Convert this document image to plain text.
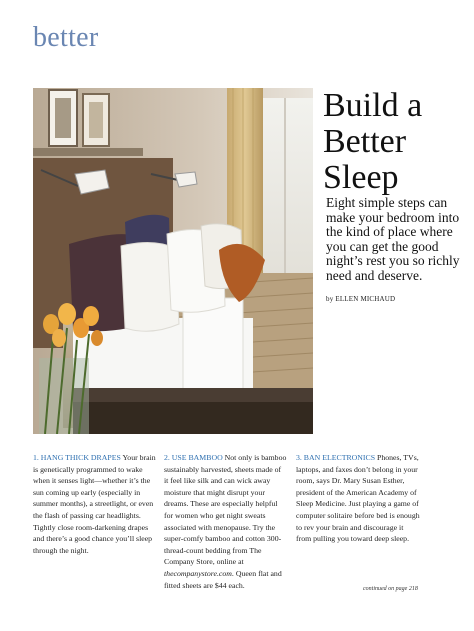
better
Build a
Better
Sleep
Eight simple steps can make your bedroom into the kind of place where you can get the good night’s rest you so richly need and deserve.
by ELLEN MICHAUD
1. HANG THICK DRAPES Your brain is genetically programmed to wake when it senses light—whether it’s the sun coming up early (especially in summer months), a streetlight, or even the flash of passing car headlights. Tightly close room-darkening drapes and there’s a good chance you’ll sleep through the night.
2. USE BAMBOO Not only is bamboo sustainably harvested, sheets made of it feel like silk and can wick away moisture that might disrupt your dreams. These are especially helpful for women who get night sweats associated with menopause. Try the super-comfy bamboo and cotton 300-thread-count bedding from The Company Store, online at thecompanystore.com. Queen flat and fitted sheets are $44 each.
3. BAN ELECTRONICS Phones, TVs, laptops, and faxes don’t belong in your room, says Dr. Mary Susan Esther, president of the American Academy of Sleep Medicine. Just playing a game of computer solitaire before bed is enough to rev your brain and discourage it from pulling you toward deep sleep.
continued on page 218
